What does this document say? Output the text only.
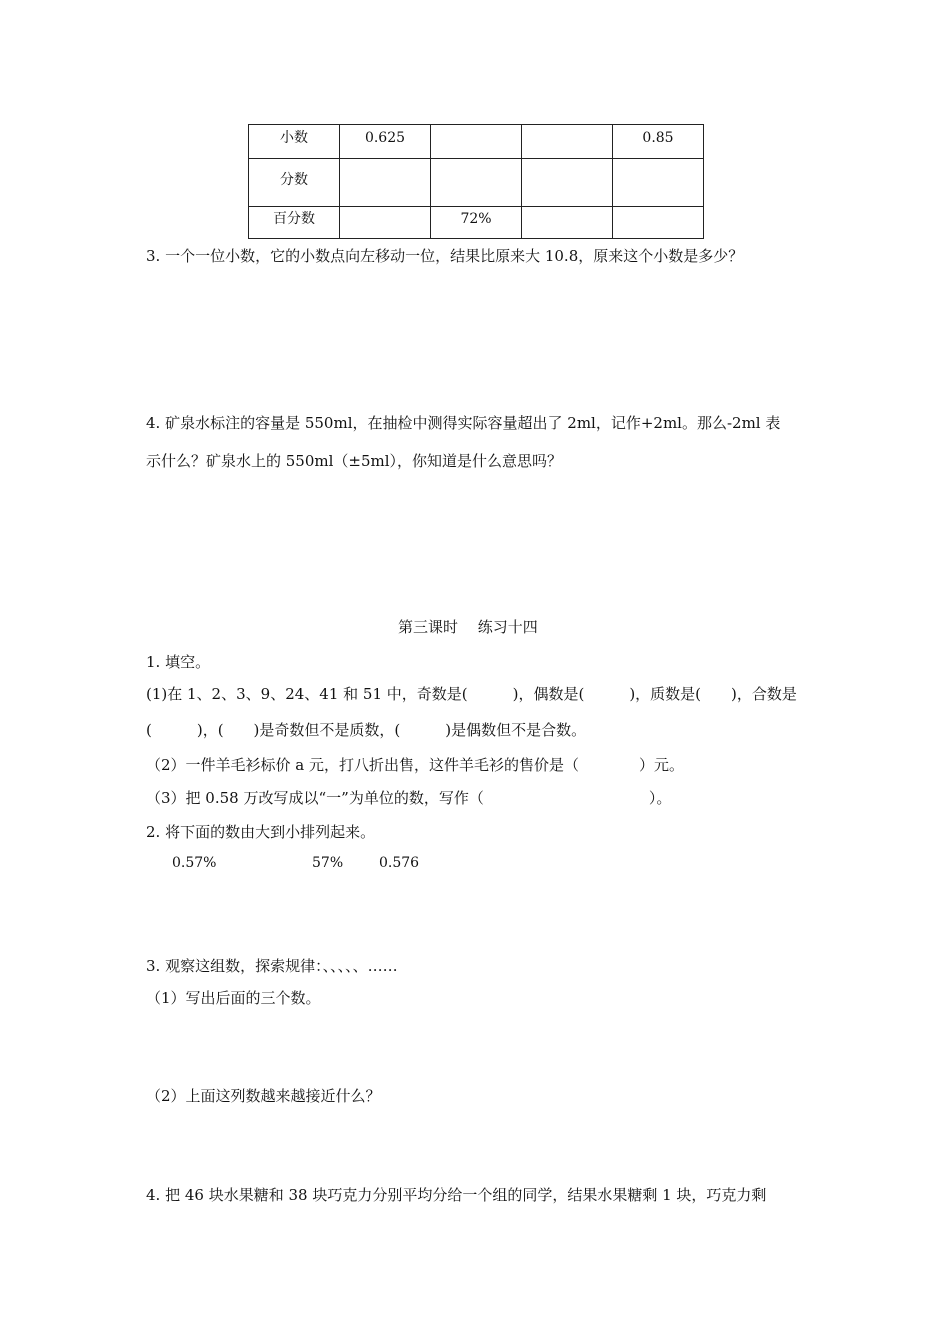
小数	0.625			0.85
分数				
百分数		72%		
3. 一个一位小数，它的小数点向左移动一位，结果比原来大 10.8，原来这个小数是多少？
4. 矿泉水标注的容量是 550ml，在抽检中测得实际容量超出了 2ml，记作+2ml。那么-2ml 表
示什么？矿泉水上的 550ml（±5ml），你知道是什么意思吗？
第三课时　 练习十四
1. 填空。
(1)在 1、2、3、9、24、41 和 51 中，奇数是(　　　)，偶数是(　　　)，质数是(　　)，合数是
(　　　)，(　　)是奇数但不是质数，(　　　)是偶数但不是合数。
（2）一件羊毛衫标价 a 元，打八折出售，这件羊毛衫的售价是（　　　　）元。
（3）把 0.58 万改写成以“一”为单位的数，写作（　　　　　　　　　　　）。
2. 将下面的数由大到小排列起来。
0.57%	57%	0.576
3. 观察这组数，探索规律：、、、、、……
（1）写出后面的三个数。
（2）上面这列数越来越接近什么？
4. 把 46 块水果糖和 38 块巧克力分别平均分给一个组的同学，结果水果糖剩 1 块，巧克力剩
